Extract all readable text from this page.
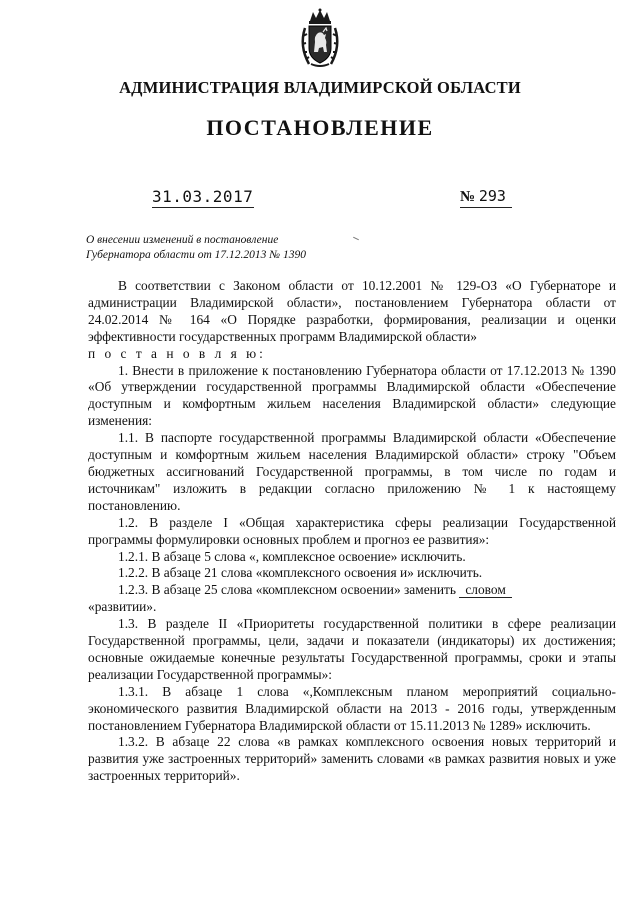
АДМИНИСТРАЦИЯ ВЛАДИМИРСКОЙ ОБЛАСТИ
ПОСТАНОВЛЕНИЕ
31.03.2017	№ 293
О внесении изменений в постановление
Губернатора области от 17.12.2013 № 1390

В соответствии с Законом области от 10.12.2001 № 129-ОЗ «О Губернаторе и администрации Владимирской области», постановлением Губернатора области от 24.02.2014 № 164 «О Порядке разработки, формирования, реализации и оценки эффективности государственных программ Владимирской области»

п о с т а н о в л я ю:

1. Внести в приложение к постановлению Губернатора области от 17.12.2013 № 1390 «Об утверждении государственной программы Владимирской области «Обеспечение доступным и комфортным жильем населения Владимирской области» следующие изменения:

1.1. В паспорте государственной программы Владимирской области «Обеспечение доступным и комфортным жильем населения Владимирской области» строку "Объем бюджетных ассигнований Государственной программы, в том числе по годам и источникам" изложить в редакции согласно приложению № 1 к настоящему постановлению.

1.2. В разделе I «Общая характеристика сферы реализации Государственной программы формулировки основных проблем и прогноз ее развития»:

1.2.1. В абзаце 5 слова «, комплексное освоение» исключить.

1.2.2. В абзаце 21 слова «комплексного освоения и» исключить.

1.2.3. В абзаце 25 слова «комплексном освоении» заменить словом

«развитии».

1.3. В разделе II «Приоритеты государственной политики в сфере реализации Государственной программы, цели, задачи и показатели (индикаторы) их достижения; основные ожидаемые конечные результаты Государственной программы, сроки и этапы реализации Государственной программы»:

1.3.1. В абзаце 1 слова «,Комплексным планом мероприятий социально-экономического развития Владимирской области на 2013 - 2016 годы, утвержденным постановлением Губернатора Владимирской области от 15.11.2013 № 1289» исключить.

1.3.2. В абзаце 22 слова «в рамках комплексного освоения новых территорий и развития уже застроенных территорий» заменить словами «в рамках развития новых и уже застроенных территорий».
